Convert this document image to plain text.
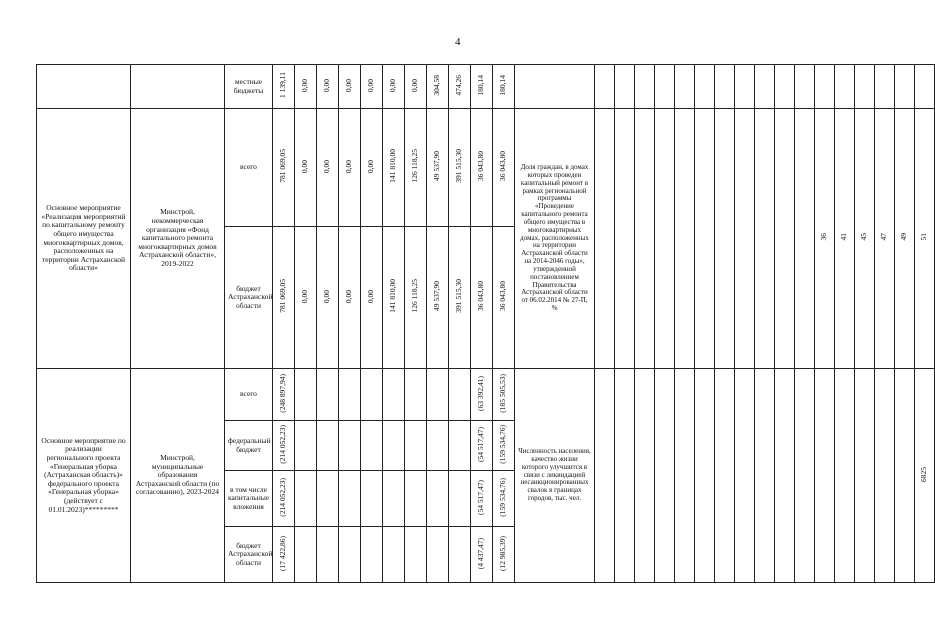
4

		местные бюджеты	1 139,11	0,00	0,00	0,00	0,00	0,00	0,00	304,58	474,26	180,14	180,14																		

Основное мероприятие «Реализация мероприятий по капитальному ремонту общего имущества многоквартирных домов, расположенных на территории Астраханской области»	Минстрой, некоммерческая организация «Фонд капитального ремонта многоквартирных домов Астраханской области», 2019-2022	всего	781 069,05	0,00	0,00	0,00	0,00	141 810,00	126 118,25	49 537,90	391 515,30	36 043,80	36 043,80	Доля граждан, в домах которых проведен капитальный ремонт в рамках региональной программы «Проведение капитального ремонта общего имущества в многоквартирных домах, расположенных на территории Астраханской области на 2014-2046 годы», утвержденной постановлением Правительства Астраханской области от 06.02.2014 № 27-П, %												36	41	45	47	49	51

		бюджет Астраханской области	781 069,05	0,00	0,00	0,00	0,00	141 810,00	126 118,25	49 537,90	391 515,30	36 043,80	36 043,80																		

Основное мероприятие по реализации регионального проекта «Генеральная уборка (Астраханская область)» федерального проекта «Генеральная уборка» (действует с 01.01.2023)*********	Минстрой, муниципальные образования Астраханской области (по согласованию), 2023-2024	всего	(248 897,94)									(63 392,41)	(185 505,53)	Численность населения, качество жизни которого улучшится в связи с ликвидацией несанкционированных свалок в границах городов, тыс. чел.																	6825

		федеральный бюджет	(214 052,23)									(54 517,47)	(159 534,76)																		

		в том числе капитальные вложения	(214 052,23)									(54 517,47)	(159 534,76)																		

		бюджет Астраханской области	(17 422,86)									(4 437,47)	(12 985,39)																		
